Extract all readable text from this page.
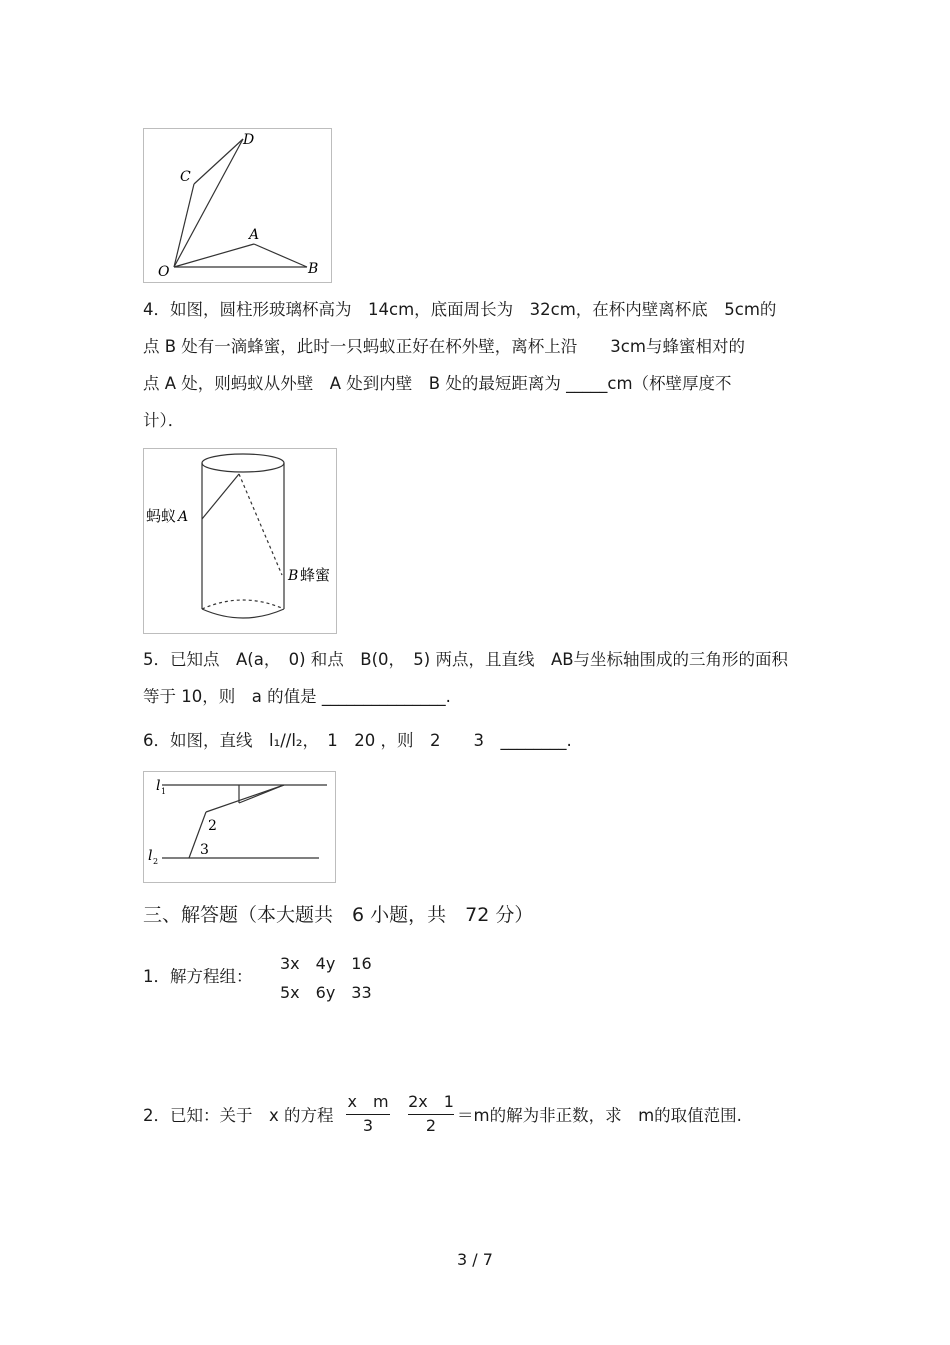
D
C
A
O	B
4．如图，圆柱形玻璃杯高为　14cm，底面周长为　32cm，在杯内壁离杯底　5cm的
点 B 处有一滴蜂蜜，此时一只蚂蚁正好在杯外壁，离杯上沿　　3cm与蜂蜜相对的
点 A 处，则蚂蚁从外壁　A 处到内壁　B 处的最短距离为 _____cm（杯壁厚度不
计）．
蚂蚁 A
B 蜂蜜
5．已知点　A(a，　0) 和点　B(0，　5) 两点，且直线　AB与坐标轴围成的三角形的面积
等于 10，则　a 的值是 _______________.
6．如图，直线　l₁//l₂，　1　20 ，则　2　　3　________.
l 1
l 2
2
3
三、解答题（本大题共　6 小题，共　72 分）
1．解方程组：
3x　4y　16
5x　6y　33
2．已知：关于　x 的方程
x　m
3
2x　1
2
＝m的解为非正数，求　m的取值范围.
3 / 7
